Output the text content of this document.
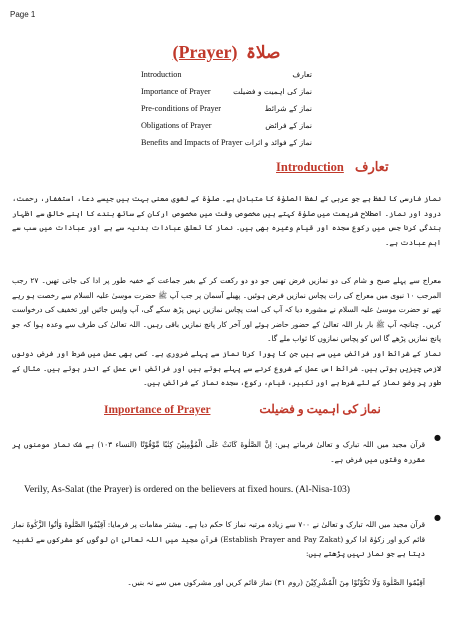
Page 1
(Prayer) صلاۃ
Introduction	تعارف
Importance of Prayer	نماز کی اہمیت و فضیلت
Pre-conditions of Prayer	نماز کے شرائط
Obligations of Prayer	نماز کے فرائض
Benefits and Impacts of Prayer نماز کے فوائد و اثرات
Introduction تعارف

نماز فارسی کا لفظ ہے جو عربی کے لفظ الصلوٰۃ کا متبادل ہے۔ صلوٰۃ کے لغوی معنی بہت ہیں جیسے دعا، استغفار، رحمت، درود اور نماز۔ اصطلاح شریعت میں صلوٰۃ کہتے ہیں مخصوص وقت میں مخصوص ارکان کے ساتھ بندے کا اپنے خالق سے اظہار بندگی کرنا جس میں رکوع سجدہ اور قیام وغیرہ بھی ہیں۔ نماز کا تعلق عبادات بدنیہ سے ہے اور عبادات میں سب سے اہم عبادت ہے۔

معراج سے پہلے صبح و شام کی دو نمازیں فرض تھیں جو دو دو رکعت کر کے بغیر جماعت کے خفیہ طور پر ادا کی جاتی تھیں۔ ۲۷ رجب المرجب ۱۰ نبوی میں معراج کی رات پچاس نمازیں فرض ہوئیں۔ پھیلے آسمان پر جب آپ ﷺ حضرت موسیٰ علیہ السلام سے رخصت ہو رہے تھے تو حضرت موسیٰ علیہ السلام نے مشورہ دیا کہ آپ کی امت پچاس نمازیں نہیں پڑھ سکے گی، آپ واپس جائیں اور تخفیف کی درخواست کریں۔ چنانچہ آپ ﷺ بار بار اللہ تعالیٰ کے حضور حاضر ہوئے اور آخر کار پانچ نمازیں باقی رہیں۔ اللہ تعالیٰ کی طرف سے وعدہ ہوا کہ جو پانچ نمازیں پڑھے گا اس کو پچاس نمازوں کا ثواب ملے گا۔

نماز کے شرائط اور فرائض میں سے ہیں جن کا پورا کرنا نماز سے پہلے ضروری ہے۔ کسی بھی عمل میں شرط اور فرض دونوں لازمی چیزیں ہوتی ہیں۔ شرائط اس عمل کے شروع کرنے سے پہلے ہوتے ہیں اور فرائض اس عمل کے اندر ہوتے ہیں۔ مثال کے طور پر وضو نماز کے لئے شرط ہے اور تکبیر، قیام، رکوع، سجدہ نماز کے فرائض ہیں۔

Importance of Prayer	نماز کی اہمیت و فضیلت
●

قرآن مجید میں اللہ تبارک و تعالیٰ فرماتے ہیں: اِنَّ الصَّلٰوةَ كَانَتْ عَلَى الْمُؤْمِنِيْنَ كِتٰبًا مَّوْقُوْتًا (النساء ۱۰۳) بے شک نماز مومنوں پر مقررہ وقتوں میں فرض ہے۔

Verily, As-Salat (the Prayer) is ordered on the believers at fixed hours. (Al-Nisa-103)
●

قرآن مجید میں اللہ تبارک و تعالیٰ نے ۷۰۰ سے زیادہ مرتبہ نماز کا حکم دیا ہے۔ بیشتر مقامات پر فرمایا: اَقِيْمُوا الصَّلٰوةَ وَاٰتُوا الزَّكٰوةَ نماز قائم کرو اور زکوٰۃ ادا کرو (Establish Prayer and Pay Zakat) قرآن مجید میں اللہ تعالیٰ ان لوگوں کو مشرکوں سے تشبیہ دیتا ہے جو نماز نہیں پڑھتے ہیں:

اَقِيْمُوا الصَّلٰوةَ وَلَا تَكُوْنُوْا مِنَ الْمُشْرِكِيْنَ (روم ۳۱) نماز قائم کریں اور مشرکوں میں سے نہ بنیں۔
